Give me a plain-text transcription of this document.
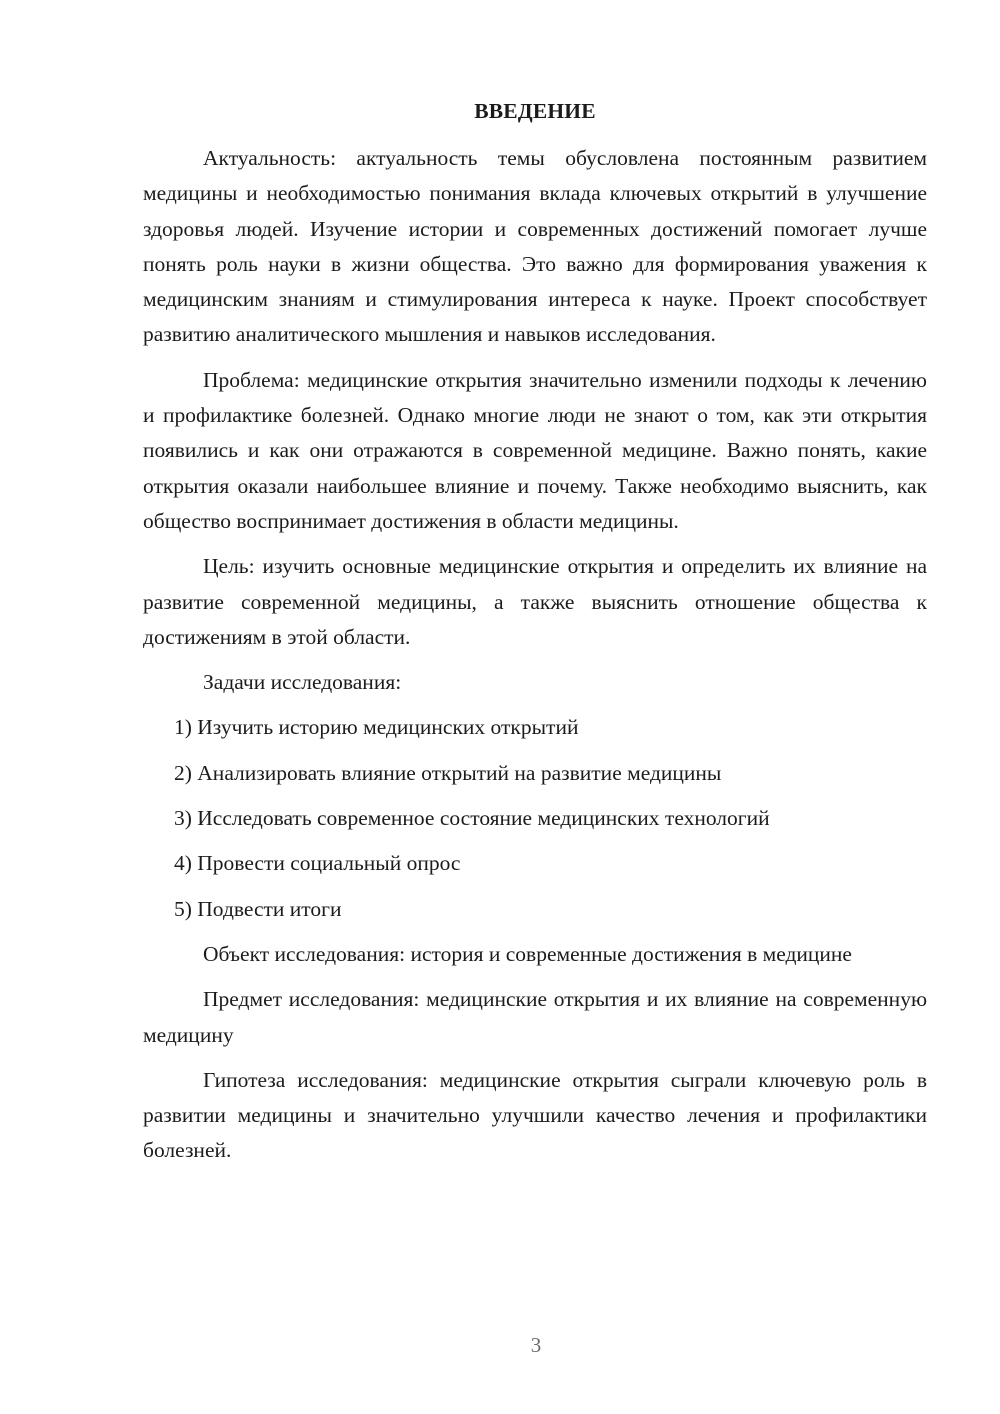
ВВЕДЕНИЕ

Актуальность: актуальность темы обусловлена постоянным развитием медицины и необходимостью понимания вклада ключевых открытий в улучшение здоровья людей. Изучение истории и современных достижений помогает лучше понять роль науки в жизни общества. Это важно для формирования уважения к медицинским знаниям и стимулирования интереса к науке. Проект способствует развитию аналитического мышления и навыков исследования.

Проблема: медицинские открытия значительно изменили подходы к лечению и профилактике болезней. Однако многие люди не знают о том, как эти открытия появились и как они отражаются в современной медицине. Важно понять, какие открытия оказали наибольшее влияние и почему. Также необходимо выяснить, как общество воспринимает достижения в области медицины.

Цель: изучить основные медицинские открытия и определить их влияние на развитие современной медицины, а также выяснить отношение общества к достижениям в этой области.

Задачи исследования:

1) Изучить историю медицинских открытий
2) Анализировать влияние открытий на развитие медицины
3) Исследовать современное состояние медицинских технологий
4) Провести социальный опрос
5) Подвести итоги

Объект исследования: история и современные достижения в медицине

Предмет исследования: медицинские открытия и их влияние на современную медицину

Гипотеза исследования: медицинские открытия сыграли ключевую роль в развитии медицины и значительно улучшили качество лечения и профилактики болезней.

3
